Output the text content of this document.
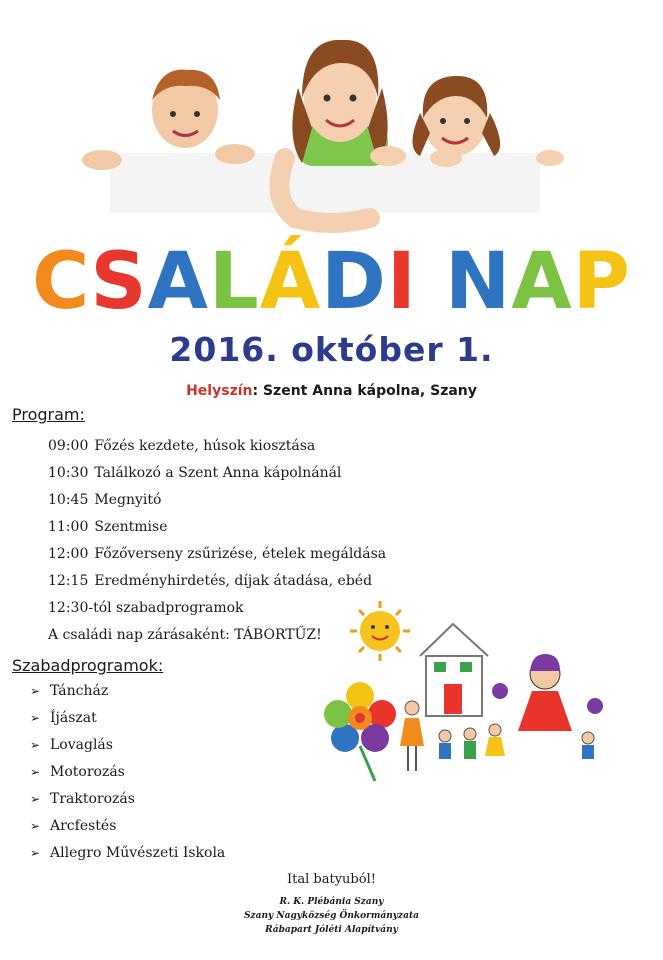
CSALÁDI NAP
2016. október 1.
Helyszín: Szent Anna kápolna, Szany
Program:
09:00 Főzés kezdete, húsok kiosztása
10:30 Találkozó a Szent Anna kápolnánál
10:45 Megnyitó
11:00 Szentmise
12:00 Főzőverseny zsűrizése, ételek megáldása
12:15 Eredményhirdetés, díjak átadása, ebéd
12:30-tól szabadprogramok
A családi nap zárásaként: TÁBORTŰZ!
Szabadprogramok:
➢ Táncház
➢ Íjászat
➢ Lovaglás
➢ Motorozás
➢ Traktorozás
➢ Arcfestés
➢ Allegro Művészeti Iskola
Ital batyuból!
R. K. Plébánia Szany
Szany Nagyközség Önkormányzata
Rábapart Jóléti Alapítvány
